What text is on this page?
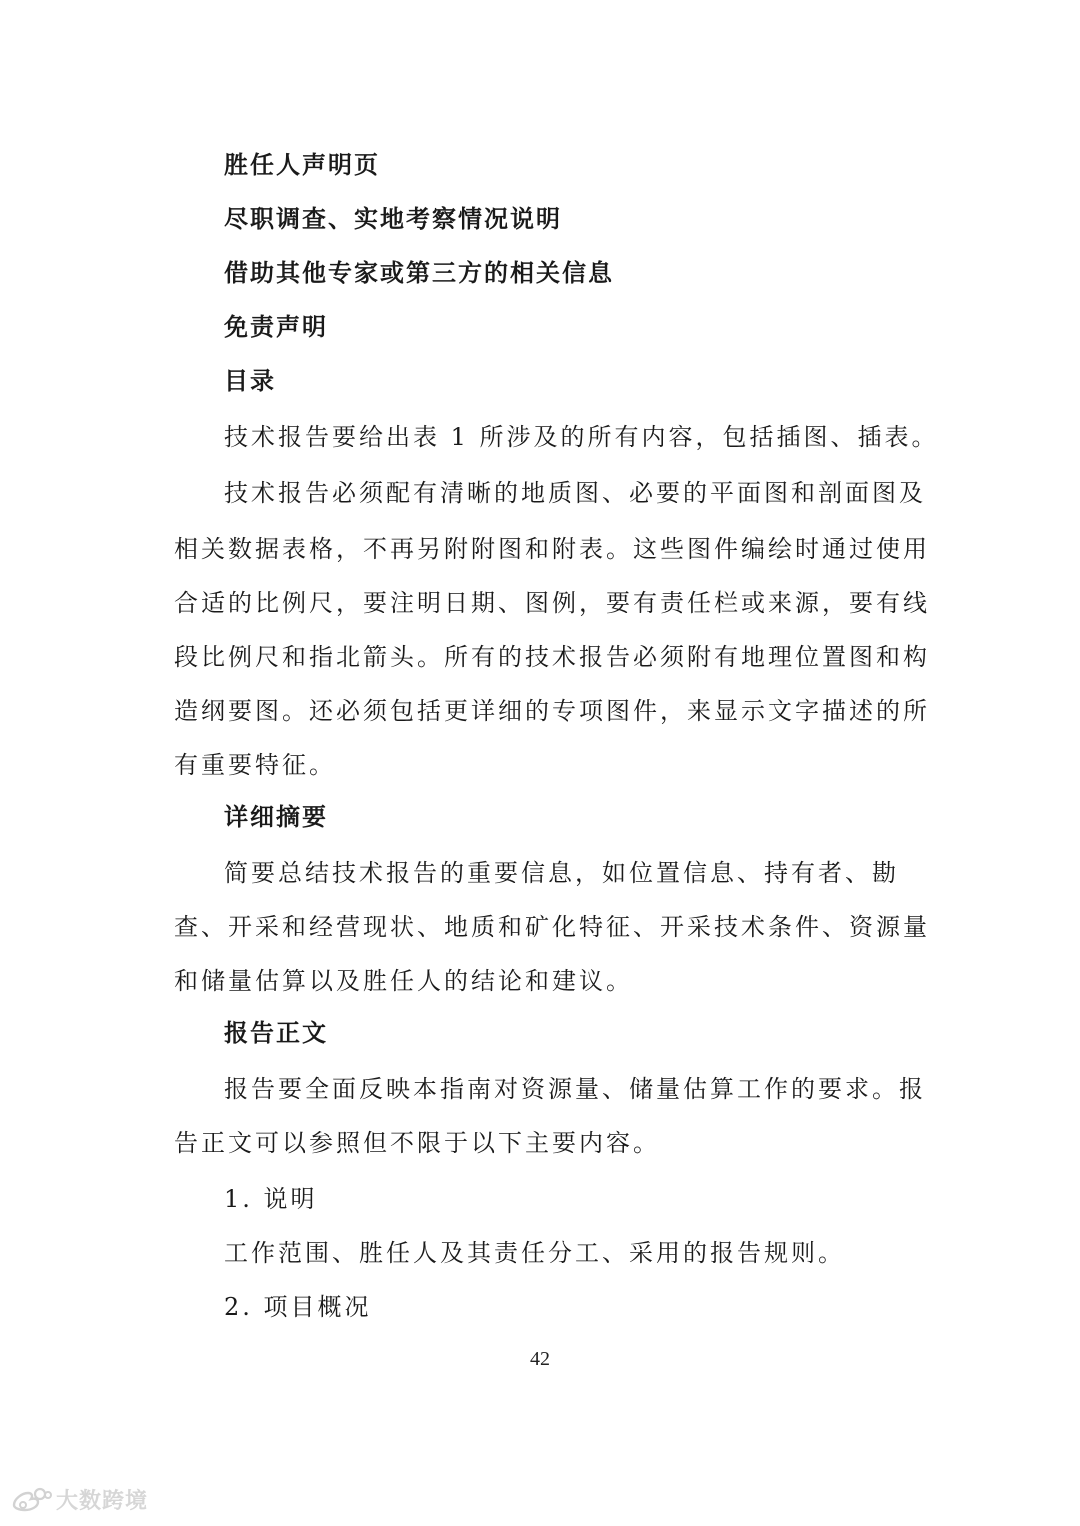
胜任人声明页
尽职调查、实地考察情况说明
借助其他专家或第三方的相关信息
免责声明
目录
技术报告要给出表 1 所涉及的所有内容，包括插图、插表。
技术报告必须配有清晰的地质图、必要的平面图和剖面图及
相关数据表格，不再另附附图和附表。这些图件编绘时通过使用
合适的比例尺，要注明日期、图例，要有责任栏或来源，要有线
段比例尺和指北箭头。所有的技术报告必须附有地理位置图和构
造纲要图。还必须包括更详细的专项图件，来显示文字描述的所
有重要特征。
详细摘要
简要总结技术报告的重要信息，如位置信息、持有者、勘
查、开采和经营现状、地质和矿化特征、开采技术条件、资源量
和储量估算以及胜任人的结论和建议。
报告正文
报告要全面反映本指南对资源量、储量估算工作的要求。报
告正文可以参照但不限于以下主要内容。
1. 说明
工作范围、胜任人及其责任分工、采用的报告规则。
2. 项目概况
42
大数跨境
